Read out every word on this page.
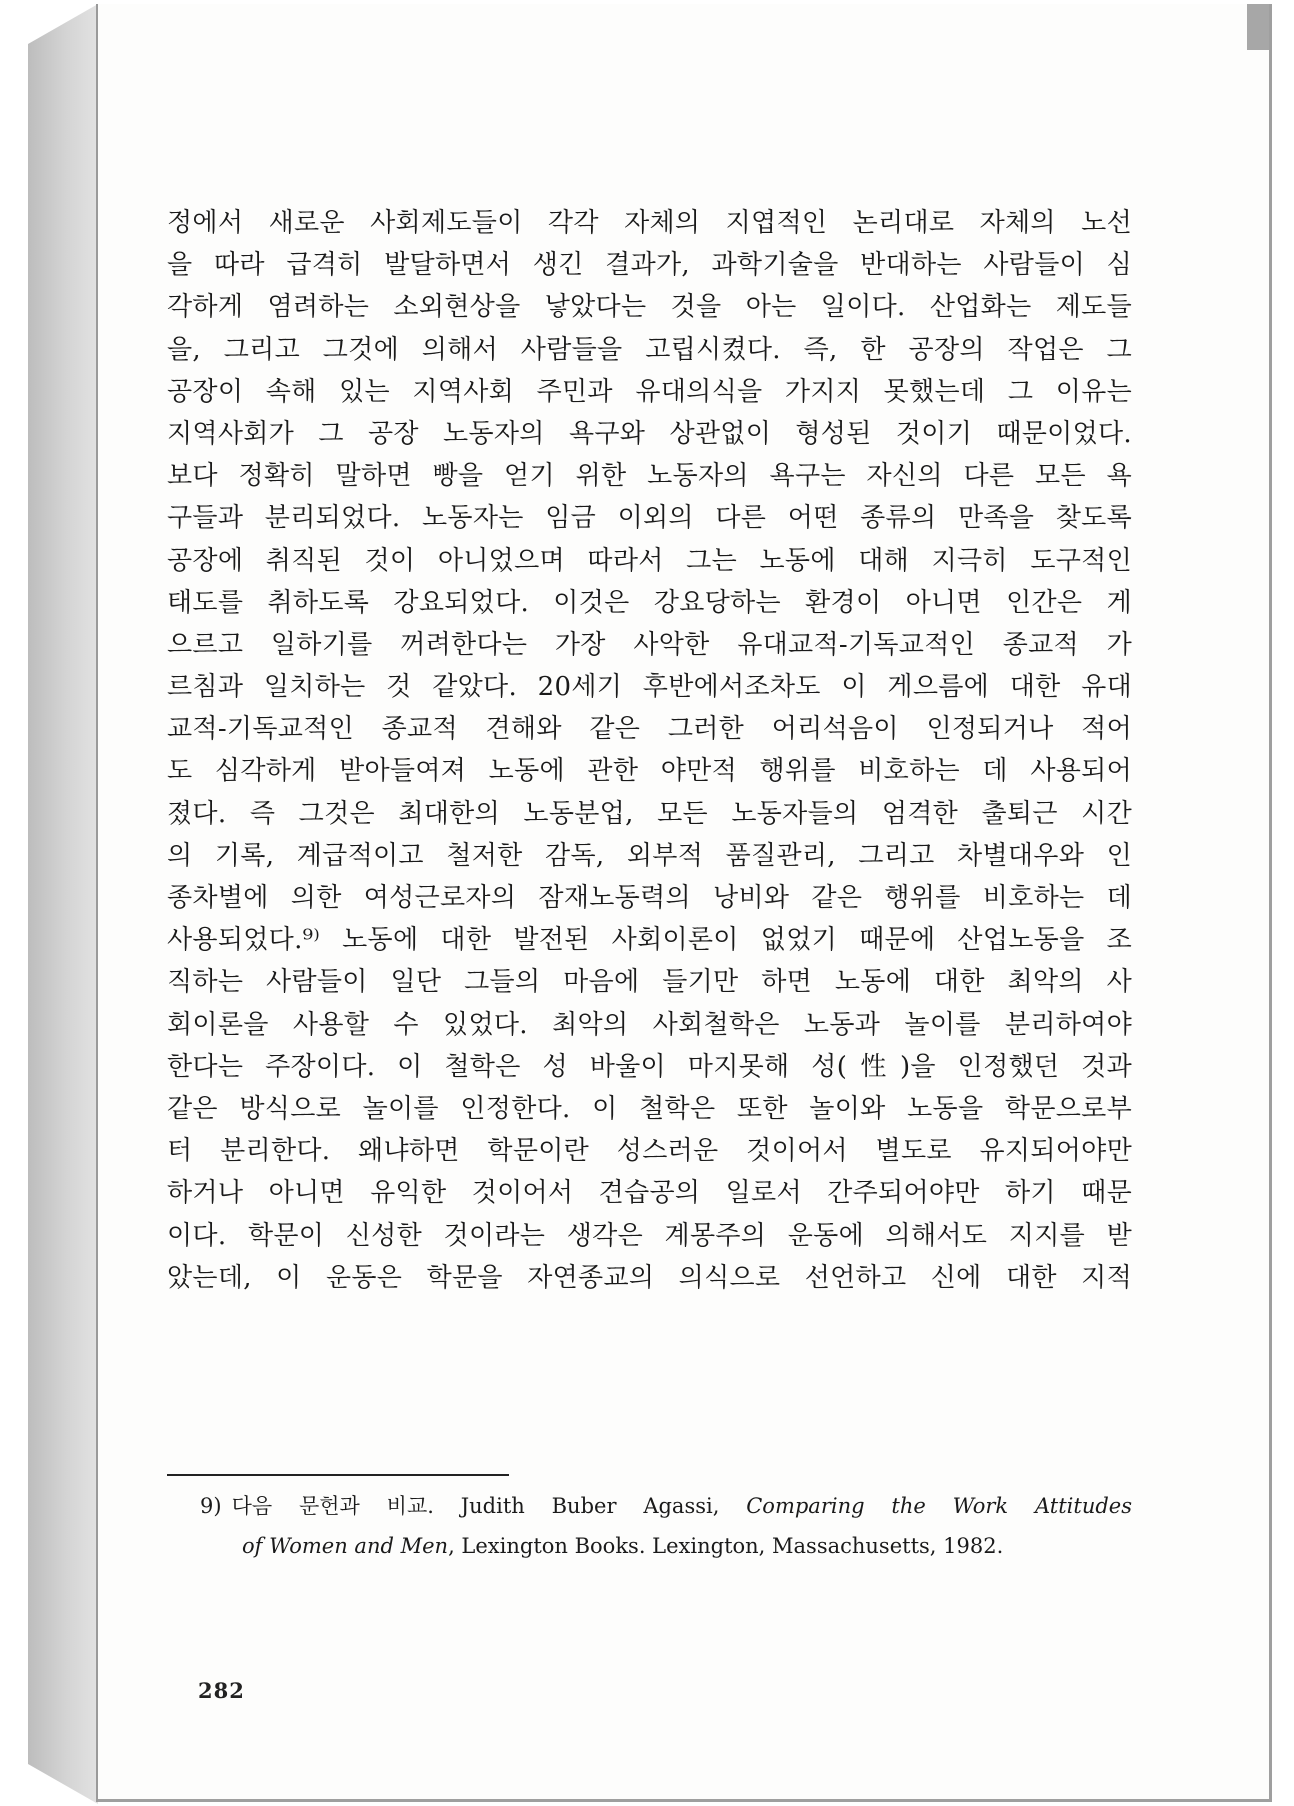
정에서 새로운 사회제도들이 각각 자체의 지엽적인 논리대로 자체의 노선
을 따라 급격히 발달하면서 생긴 결과가, 과학기술을 반대하는 사람들이 심
각하게 염려하는 소외현상을 낳았다는 것을 아는 일이다. 산업화는 제도들
을, 그리고 그것에 의해서 사람들을 고립시켰다. 즉, 한 공장의 작업은 그
공장이 속해 있는 지역사회 주민과 유대의식을 가지지 못했는데 그 이유는
지역사회가 그 공장 노동자의 욕구와 상관없이 형성된 것이기 때문이었다.
보다 정확히 말하면 빵을 얻기 위한 노동자의 욕구는 자신의 다른 모든 욕
구들과 분리되었다. 노동자는 임금 이외의 다른 어떤 종류의 만족을 찾도록
공장에 취직된 것이 아니었으며 따라서 그는 노동에 대해 지극히 도구적인
태도를 취하도록 강요되었다. 이것은 강요당하는 환경이 아니면 인간은 게
으르고 일하기를 꺼려한다는 가장 사악한 유대교적-기독교적인 종교적 가
르침과 일치하는 것 같았다. 20세기 후반에서조차도 이 게으름에 대한 유대
교적-기독교적인 종교적 견해와 같은 그러한 어리석음이 인정되거나 적어
도 심각하게 받아들여져 노동에 관한 야만적 행위를 비호하는 데 사용되어
졌다. 즉 그것은 최대한의 노동분업, 모든 노동자들의 엄격한 출퇴근 시간
의 기록, 계급적이고 철저한 감독, 외부적 품질관리, 그리고 차별대우와 인
종차별에 의한 여성근로자의 잠재노동력의 낭비와 같은 행위를 비호하는 데
사용되었다.⁹⁾ 노동에 대한 발전된 사회이론이 없었기 때문에 산업노동을 조
직하는 사람들이 일단 그들의 마음에 들기만 하면 노동에 대한 최악의 사
회이론을 사용할 수 있었다. 최악의 사회철학은 노동과 놀이를 분리하여야
한다는 주장이다. 이 철학은 성 바울이 마지못해 성(性)을 인정했던 것과
같은 방식으로 놀이를 인정한다. 이 철학은 또한 놀이와 노동을 학문으로부
터 분리한다. 왜냐하면 학문이란 성스러운 것이어서 별도로 유지되어야만
하거나 아니면 유익한 것이어서 견습공의 일로서 간주되어야만 하기 때문
이다. 학문이 신성한 것이라는 생각은 계몽주의 운동에 의해서도 지지를 받
았는데, 이 운동은 학문을 자연종교의 의식으로 선언하고 신에 대한 지적
9) 다음 문헌과 비교. Judith Buber Agassi, Comparing the Work Attitudes
of Women and Men, Lexington Books. Lexington, Massachusetts, 1982.
282
